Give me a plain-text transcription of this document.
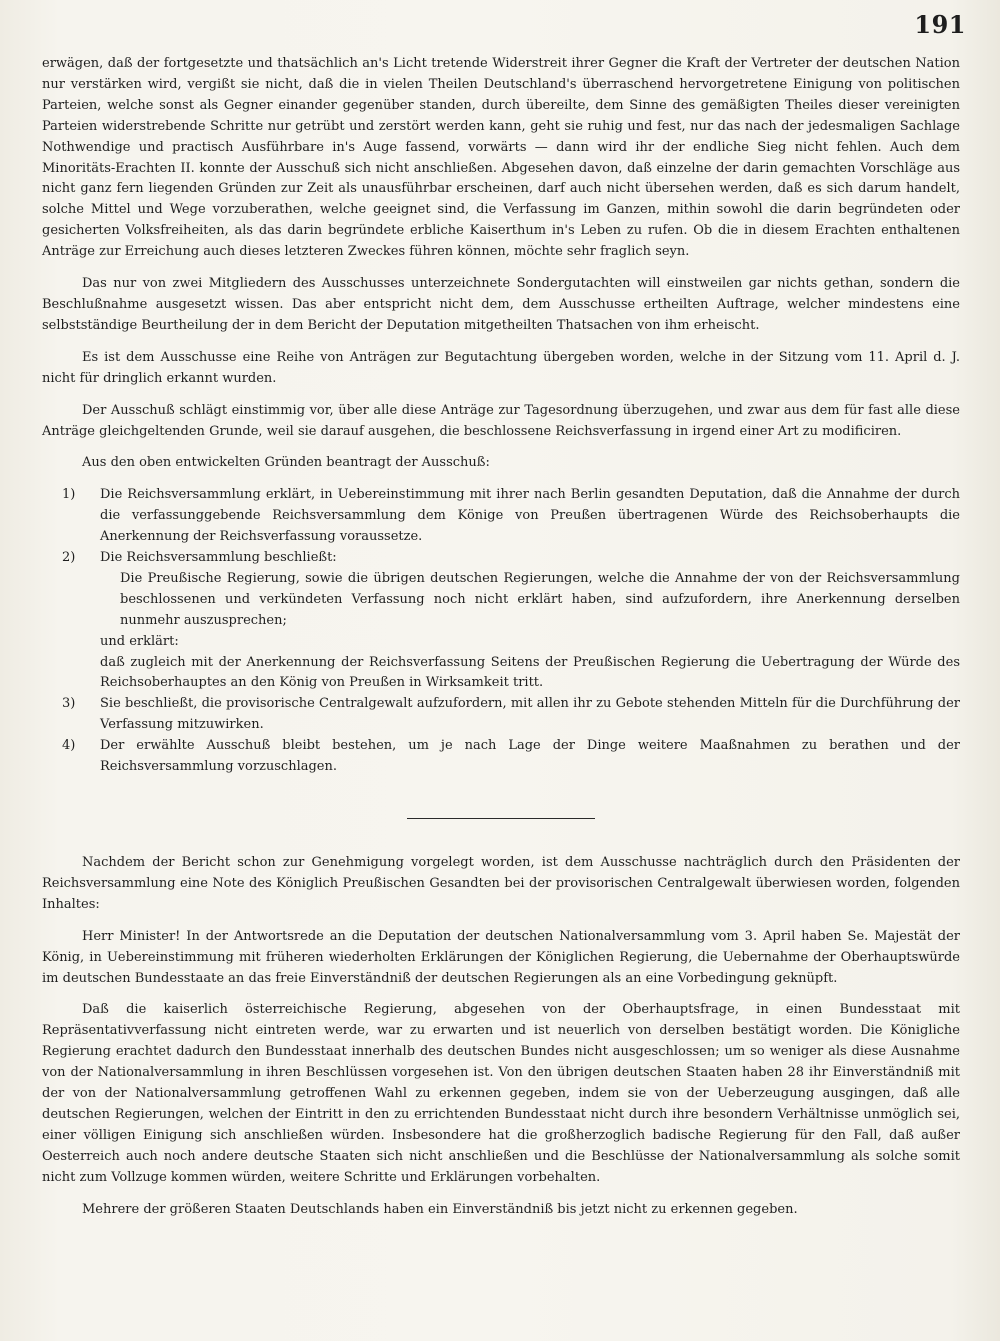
191

erwägen, daß der fortgesetzte und thatsächlich an's Licht tretende Widerstreit ihrer Gegner die Kraft der Vertreter der deutschen Nation nur verstärken wird, vergißt sie nicht, daß die in vielen Theilen Deutschland's überraschend hervorgetretene Einigung von politischen Parteien, welche sonst als Gegner einander gegenüber standen, durch übereilte, dem Sinne des gemäßigten Theiles dieser vereinigten Parteien widerstrebende Schritte nur getrübt und zerstört werden kann, geht sie ruhig und fest, nur das nach der jedesmaligen Sachlage Nothwendige und practisch Ausführbare in's Auge fassend, vorwärts — dann wird ihr der endliche Sieg nicht fehlen. Auch dem Minoritäts-Erachten II. konnte der Ausschuß sich nicht anschließen. Abgesehen davon, daß einzelne der darin gemachten Vorschläge aus nicht ganz fern liegenden Gründen zur Zeit als unausführbar erscheinen, darf auch nicht übersehen werden, daß es sich darum handelt, solche Mittel und Wege vorzuberathen, welche geeignet sind, die Verfassung im Ganzen, mithin sowohl die darin begründeten oder gesicherten Volksfreiheiten, als das darin begründete erbliche Kaiserthum in's Leben zu rufen. Ob die in diesem Erachten enthaltenen Anträge zur Erreichung auch dieses letzteren Zweckes führen können, möchte sehr fraglich seyn.

Das nur von zwei Mitgliedern des Ausschusses unterzeichnete Sondergutachten will einstweilen gar nichts gethan, sondern die Beschlußnahme ausgesetzt wissen. Das aber entspricht nicht dem, dem Ausschusse ertheilten Auftrage, welcher mindestens eine selbstständige Beurtheilung der in dem Bericht der Deputation mitgetheilten Thatsachen von ihm erheischt.

Es ist dem Ausschusse eine Reihe von Anträgen zur Begutachtung übergeben worden, welche in der Sitzung vom 11. April d. J. nicht für dringlich erkannt wurden.

Der Ausschuß schlägt einstimmig vor, über alle diese Anträge zur Tagesordnung überzugehen, und zwar aus dem für fast alle diese Anträge gleichgeltenden Grunde, weil sie darauf ausgehen, die beschlossene Reichsverfassung in irgend einer Art zu modificiren.

Aus den oben entwickelten Gründen beantragt der Ausschuß:

1)	Die Reichsversammlung erklärt, in Uebereinstimmung mit ihrer nach Berlin gesandten Deputation, daß die Annahme der durch die verfassunggebende Reichsversammlung dem Könige von Preußen übertragenen Würde des Reichsoberhaupts die Anerkennung der Reichsverfassung voraussetze.
2)	Die Reichsversammlung beschließt:

Die Preußische Regierung, sowie die übrigen deutschen Regierungen, welche die Annahme der von der Reichsversammlung beschlossenen und verkündeten Verfassung noch nicht erklärt haben, sind aufzufordern, ihre Anerkennung derselben nunmehr auszusprechen;

und erklärt:

daß zugleich mit der Anerkennung der Reichsverfassung Seitens der Preußischen Regierung die Uebertragung der Würde des Reichsoberhauptes an den König von Preußen in Wirksamkeit tritt.

3)	Sie beschließt, die provisorische Centralgewalt aufzufordern, mit allen ihr zu Gebote stehenden Mitteln für die Durchführung der Verfassung mitzuwirken.
4)	Der erwählte Ausschuß bleibt bestehen, um je nach Lage der Dinge weitere Maaßnahmen zu berathen und der Reichsversammlung vorzuschlagen.

Nachdem der Bericht schon zur Genehmigung vorgelegt worden, ist dem Ausschusse nachträglich durch den Präsidenten der Reichsversammlung eine Note des Königlich Preußischen Gesandten bei der provisorischen Centralgewalt überwiesen worden, folgenden Inhaltes:

Herr Minister! In der Antwortsrede an die Deputation der deutschen Nationalversammlung vom 3. April haben Se. Majestät der König, in Uebereinstimmung mit früheren wiederholten Erklärungen der Königlichen Regierung, die Uebernahme der Oberhauptswürde im deutschen Bundesstaate an das freie Einverständniß der deutschen Regierungen als an eine Vorbedingung geknüpft.

Daß die kaiserlich österreichische Regierung, abgesehen von der Oberhauptsfrage, in einen Bundesstaat mit Repräsentativverfassung nicht eintreten werde, war zu erwarten und ist neuerlich von derselben bestätigt worden. Die Königliche Regierung erachtet dadurch den Bundesstaat innerhalb des deutschen Bundes nicht ausgeschlossen; um so weniger als diese Ausnahme von der Nationalversammlung in ihren Beschlüssen vorgesehen ist. Von den übrigen deutschen Staaten haben 28 ihr Einverständniß mit der von der Nationalversammlung getroffenen Wahl zu erkennen gegeben, indem sie von der Ueberzeugung ausgingen, daß alle deutschen Regierungen, welchen der Eintritt in den zu errichtenden Bundesstaat nicht durch ihre besondern Verhältnisse unmöglich sei, einer völligen Einigung sich anschließen würden. Insbesondere hat die großherzoglich badische Regierung für den Fall, daß außer Oesterreich auch noch andere deutsche Staaten sich nicht anschließen und die Beschlüsse der Nationalversammlung als solche somit nicht zum Vollzuge kommen würden, weitere Schritte und Erklärungen vorbehalten.

Mehrere der größeren Staaten Deutschlands haben ein Einverständniß bis jetzt nicht zu erkennen gegeben.
